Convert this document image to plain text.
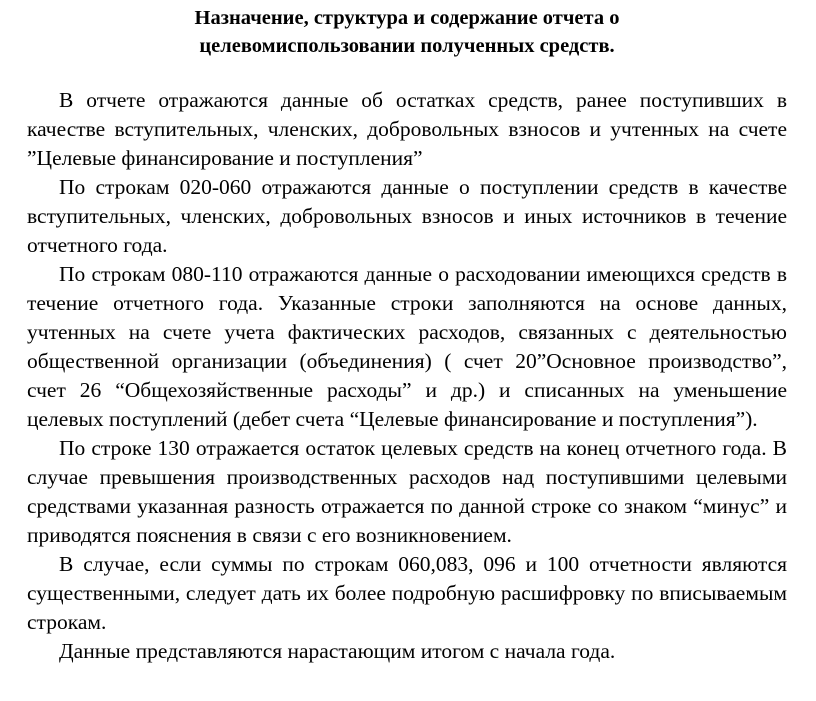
Назначение, структура и содержание отчета о
целевомиспользовании полученных средств.

В отчете отражаются данные об остатках средств, ранее поступивших в качестве вступительных, членских, добровольных взносов и учтенных на счете ”Целевые финансирование и поступления”

По строкам 020-060 отражаются данные о поступлении средств в качестве вступительных, членских, добровольных взносов и иных источников в течение отчетного года.

По строкам 080-110 отражаются данные о расходовании имеющихся средств в течение отчетного года. Указанные строки заполняются на основе данных, учтенных на счете учета фактических расходов, связанных с деятельностью общественной организации (объединения) ( счет 20”Основное производство”, счет 26 “Общехозяйственные расходы” и др.) и списанных на уменьшение целевых поступлений (дебет счета “Целевые финансирование и поступления”).

По строке 130 отражается остаток целевых средств на конец отчетного года. В случае превышения производственных расходов над поступившими целевыми средствами указанная разность отражается по данной строке со знаком “минус” и приводятся пояснения в связи с его возникновением.

В случае, если суммы по строкам 060,083, 096 и 100 отчетности являются существенными, следует дать их более подробную расшифровку по вписываемым строкам.

Данные представляются нарастающим итогом с начала года.
